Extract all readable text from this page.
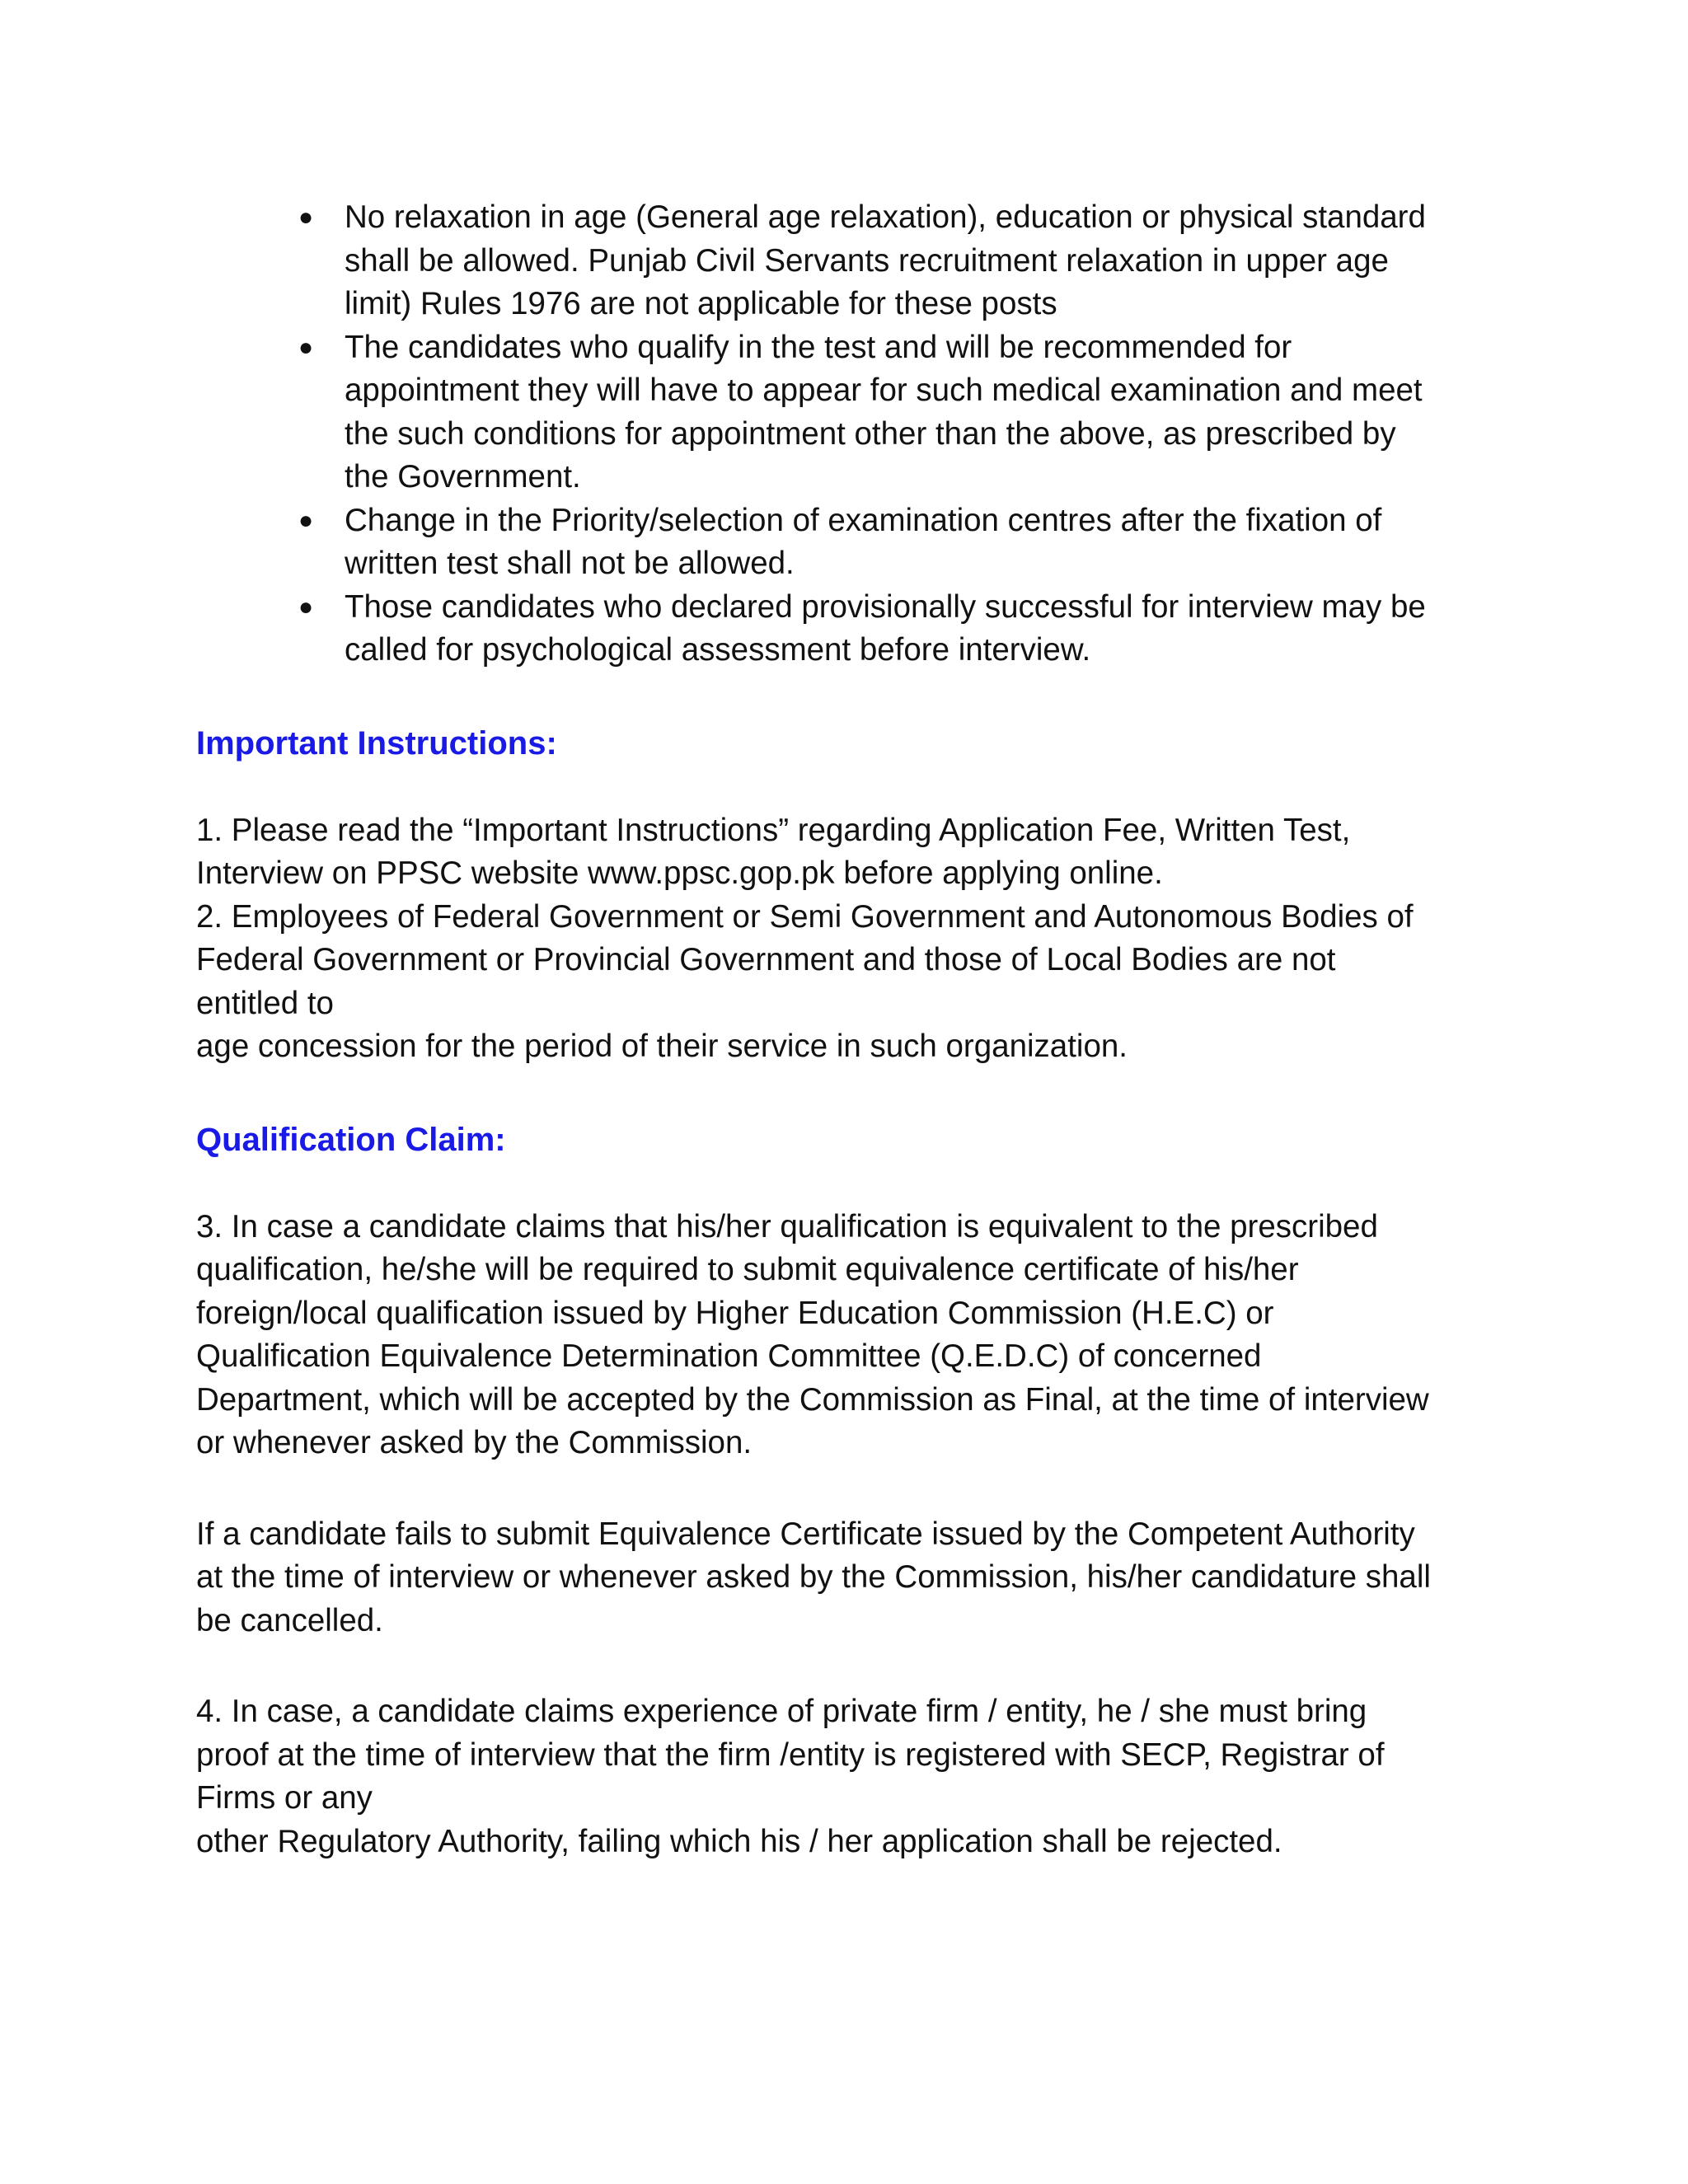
● No relaxation in age (General age relaxation), education or physical standard
shall be allowed. Punjab Civil Servants recruitment relaxation in upper age
limit) Rules 1976 are not applicable for these posts
● The candidates who qualify in the test and will be recommended for
appointment they will have to appear for such medical examination and meet
the such conditions for appointment other than the above, as prescribed by
the Government.
● Change in the Priority/selection of examination centres after the fixation of
written test shall not be allowed.
● Those candidates who declared provisionally successful for interview may be
called for psychological assessment before interview.
Important Instructions:

1. Please read the “Important Instructions” regarding Application Fee, Written Test,
Interview on PPSC website www.ppsc.gop.pk before applying online.

2. Employees of Federal Government or Semi Government and Autonomous Bodies of
Federal Government or Provincial Government and those of Local Bodies are not
entitled to
age concession for the period of their service in such organization.

Qualification Claim:

3. In case a candidate claims that his/her qualification is equivalent to the prescribed
qualification, he/she will be required to submit equivalence certificate of his/her
foreign/local qualification issued by Higher Education Commission (H.E.C) or
Qualification Equivalence Determination Committee (Q.E.D.C) of concerned
Department, which will be accepted by the Commission as Final, at the time of interview
or whenever asked by the Commission.

If a candidate fails to submit Equivalence Certificate issued by the Competent Authority
at the time of interview or whenever asked by the Commission, his/her candidature shall
be cancelled.

4. In case, a candidate claims experience of private firm / entity, he / she must bring
proof at the time of interview that the firm /entity is registered with SECP, Registrar of
Firms or any
other Regulatory Authority, failing which his / her application shall be rejected.
